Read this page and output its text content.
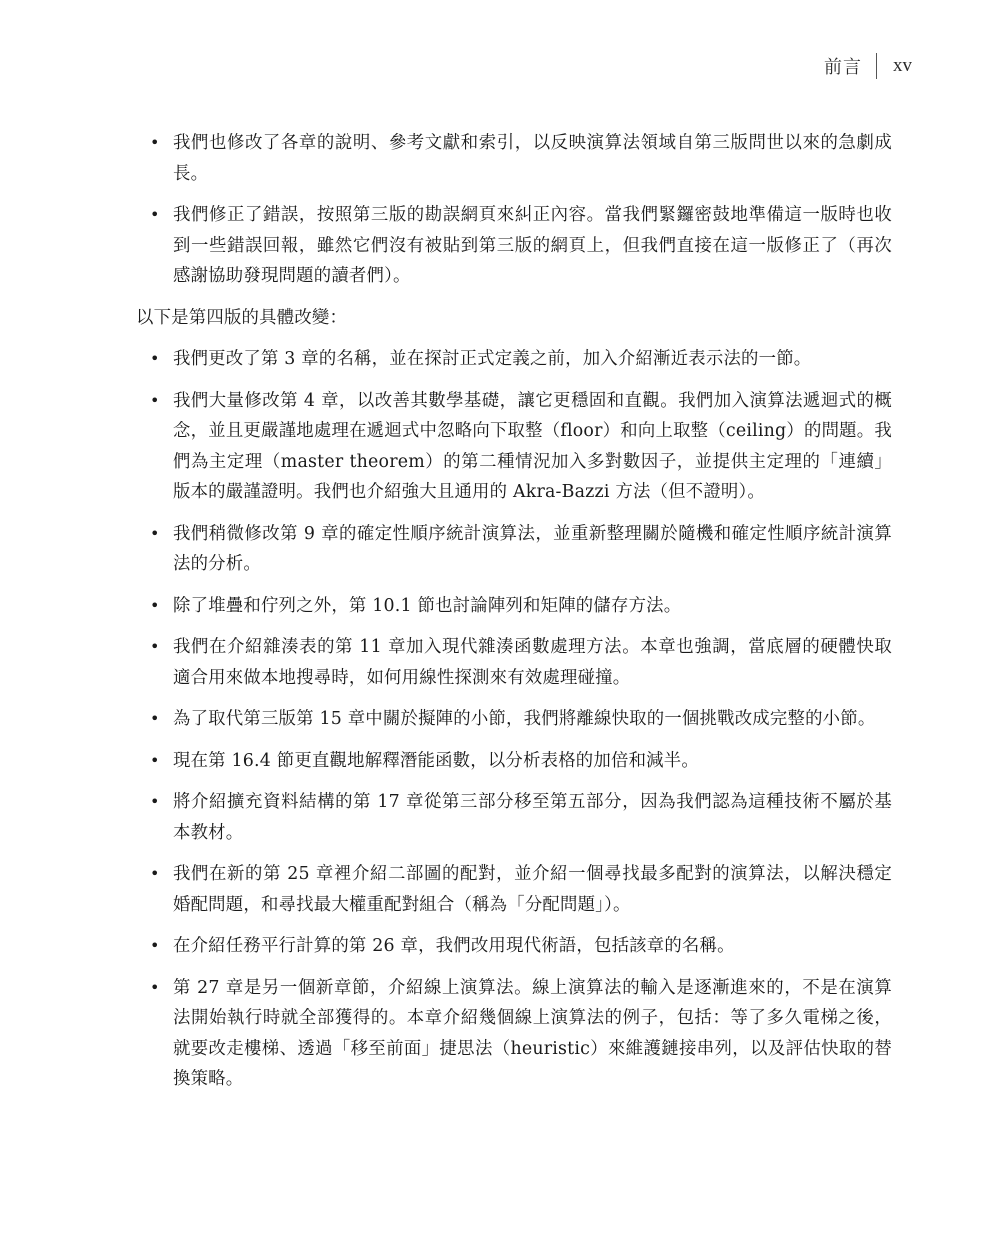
前言 xv
• 我們也修改了各章的說明、參考文獻和索引，以反映演算法領域自第三版問世以來的急劇成長。
• 我們修正了錯誤，按照第三版的勘誤網頁來糾正內容。當我們緊鑼密鼓地準備這一版時也收到一些錯誤回報，雖然它們沒有被貼到第三版的網頁上，但我們直接在這一版修正了（再次感謝協助發現問題的讀者們）。

以下是第四版的具體改變：

• 我們更改了第 3 章的名稱，並在探討正式定義之前，加入介紹漸近表示法的一節。
• 我們大量修改第 4 章，以改善其數學基礎，讓它更穩固和直觀。我們加入演算法遞迴式的概念，並且更嚴謹地處理在遞迴式中忽略向下取整（floor）和向上取整（ceiling）的問題。我們為主定理（master theorem）的第二種情況加入多對數因子，並提供主定理的「連續」版本的嚴謹證明。我們也介紹強大且通用的 Akra-Bazzi 方法（但不證明）。
• 我們稍微修改第 9 章的確定性順序統計演算法，並重新整理關於隨機和確定性順序統計演算法的分析。
• 除了堆疊和佇列之外，第 10.1 節也討論陣列和矩陣的儲存方法。
• 我們在介紹雜湊表的第 11 章加入現代雜湊函數處理方法。本章也強調，當底層的硬體快取適合用來做本地搜尋時，如何用線性探測來有效處理碰撞。
• 為了取代第三版第 15 章中關於擬陣的小節，我們將離線快取的一個挑戰改成完整的小節。
• 現在第 16.4 節更直觀地解釋潛能函數，以分析表格的加倍和減半。
• 將介紹擴充資料結構的第 17 章從第三部分移至第五部分，因為我們認為這種技術不屬於基本教材。
• 我們在新的第 25 章裡介紹二部圖的配對，並介紹一個尋找最多配對的演算法，以解決穩定婚配問題，和尋找最大權重配對組合（稱為「分配問題」）。
• 在介紹任務平行計算的第 26 章，我們改用現代術語，包括該章的名稱。
• 第 27 章是另一個新章節，介紹線上演算法。線上演算法的輸入是逐漸進來的，不是在演算法開始執行時就全部獲得的。本章介紹幾個線上演算法的例子，包括：等了多久電梯之後，就要改走樓梯、透過「移至前面」捷思法（heuristic）來維護鏈接串列，以及評估快取的替換策略。
